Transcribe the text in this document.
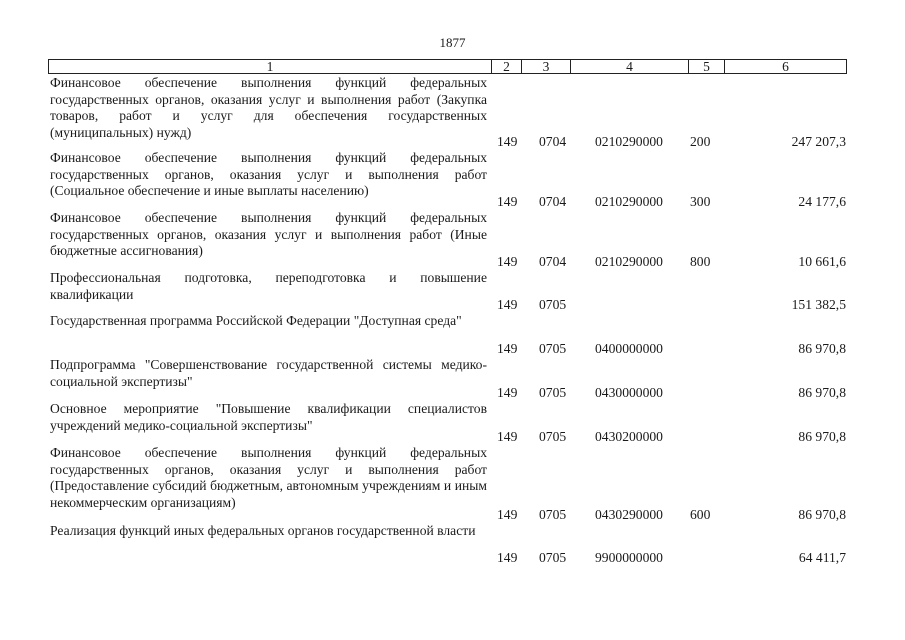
1877
1	2	3	4	5	6
Финансовое обеспечение выполнения функций федеральных государственных органов, оказания услуг и выполнения работ (Закупка товаров, работ и услуг для обеспечения государственных (муниципальных) нужд)
149 0704 0210290000 200	247 207,3
Финансовое обеспечение выполнения функций федеральных государственных органов, оказания услуг и выполнения работ (Социальное обеспечение и иные выплаты населению)
149 0704 0210290000 300	24 177,6
Финансовое обеспечение выполнения функций федеральных государственных органов, оказания услуг и выполнения работ (Иные бюджетные ассигнования)
149 0704 0210290000 800	10 661,6
Профессиональная подготовка, переподготовка и повышение квалификации
149 0705	151 382,5
Государственная программа Российской Федерации "Доступная среда"
149 0705 0400000000	86 970,8
Подпрограмма "Совершенствование государственной системы медико-социальной экспертизы"
149 0705 0430000000	86 970,8
Основное мероприятие "Повышение квалификации специалистов учреждений медико-социальной экспертизы"
149 0705 0430200000	86 970,8
Финансовое обеспечение выполнения функций федеральных государственных органов, оказания услуг и выполнения работ (Предоставление субсидий бюджетным, автономным учреждениям и иным некоммерческим организациям)
149 0705 0430290000 600	86 970,8
Реализация функций иных федеральных органов государственной власти
149 0705 9900000000	64 411,7
